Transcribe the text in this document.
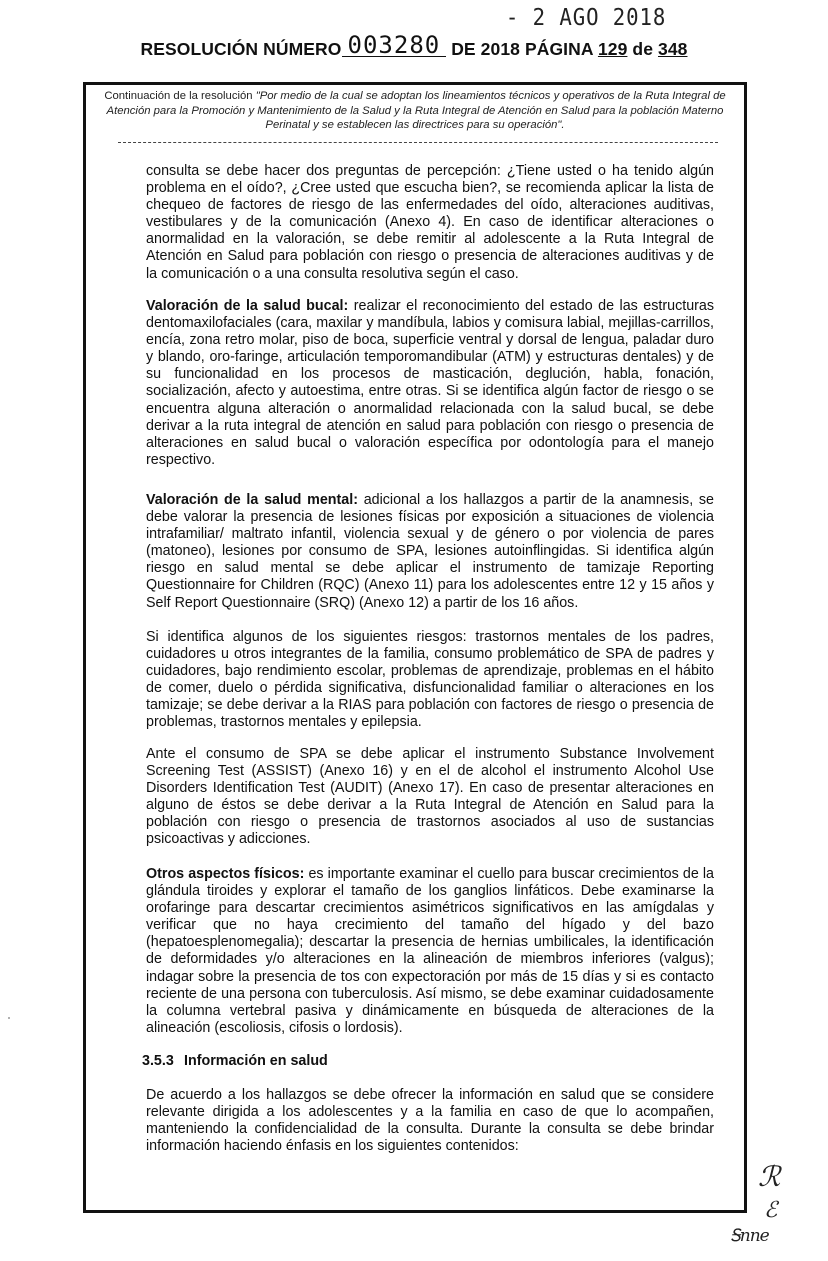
- 2 AGO 2018
RESOLUCIÓN NÚMERO 003280 DE 2018 PÁGINA 129 de 348
Continuación de la resolución "Por medio de la cual se adoptan los lineamientos técnicos y operativos de la Ruta Integral de Atención para la Promoción y Mantenimiento de la Salud y la Ruta Integral de Atención en Salud para la población Materno Perinatal y se establecen las directrices para su operación".
consulta se debe hacer dos preguntas de percepción: ¿Tiene usted o ha tenido algún problema en el oído?, ¿Cree usted que escucha bien?, se recomienda aplicar la lista de chequeo de factores de riesgo de las enfermedades del oído, alteraciones auditivas, vestibulares y de la comunicación (Anexo 4). En caso de identificar alteraciones o anormalidad en la valoración, se debe remitir al adolescente a la Ruta Integral de Atención en Salud para población con riesgo o presencia de alteraciones auditivas y de la comunicación o a una consulta resolutiva según el caso.
Valoración de la salud bucal: realizar el reconocimiento del estado de las estructuras dentomaxilofaciales (cara, maxilar y mandíbula, labios y comisura labial, mejillas-carrillos, encía, zona retro molar, piso de boca, superficie ventral y dorsal de lengua, paladar duro y blando, oro-faringe, articulación temporomandibular (ATM) y estructuras dentales) y de su funcionalidad en los procesos de masticación, deglución, habla, fonación, socialización, afecto y autoestima, entre otras. Si se identifica algún factor de riesgo o se encuentra alguna alteración o anormalidad relacionada con la salud bucal, se debe derivar a la ruta integral de atención en salud para población con riesgo o presencia de alteraciones en salud bucal o valoración específica por odontología para el manejo respectivo.
Valoración de la salud mental: adicional a los hallazgos a partir de la anamnesis, se debe valorar la presencia de lesiones físicas por exposición a situaciones de violencia intrafamiliar/ maltrato infantil, violencia sexual y de género o por violencia de pares (matoneo), lesiones por consumo de SPA, lesiones autoinflingidas. Si identifica algún riesgo en salud mental se debe aplicar el instrumento de tamizaje Reporting Questionnaire for Children (RQC) (Anexo 11) para los adolescentes entre 12 y 15 años y Self Report Questionnaire (SRQ) (Anexo 12) a partir de los 16 años.
Si identifica algunos de los siguientes riesgos: trastornos mentales de los padres, cuidadores u otros integrantes de la familia, consumo problemático de SPA de padres y cuidadores, bajo rendimiento escolar, problemas de aprendizaje, problemas en el hábito de comer, duelo o pérdida significativa, disfuncionalidad familiar o alteraciones en los tamizaje; se debe derivar a la RIAS para población con factores de riesgo o presencia de problemas, trastornos mentales y epilepsia.
Ante el consumo de SPA se debe aplicar el instrumento Substance Involvement Screening Test (ASSIST) (Anexo 16) y en el de alcohol el instrumento Alcohol Use Disorders Identification Test (AUDIT) (Anexo 17). En caso de presentar alteraciones en alguno de éstos se debe derivar a la Ruta Integral de Atención en Salud para la población con riesgo o presencia de trastornos asociados al uso de sustancias psicoactivas y adicciones.
Otros aspectos físicos: es importante examinar el cuello para buscar crecimientos de la glándula tiroides y explorar el tamaño de los ganglios linfáticos. Debe examinarse la orofaringe para descartar crecimientos asimétricos significativos en las amígdalas y verificar que no haya crecimiento del tamaño del hígado y del bazo (hepatoesplenomegalia); descartar la presencia de hernias umbilicales, la identificación de deformidades y/o alteraciones en la alineación de miembros inferiores (valgus); indagar sobre la presencia de tos con expectoración por más de 15 días y si es contacto reciente de una persona con tuberculosis. Así mismo, se debe examinar cuidadosamente la columna vertebral pasiva y dinámicamente en búsqueda de alteraciones de la alineación (escoliosis, cifosis o lordosis).
3.5.3 Información en salud
De acuerdo a los hallazgos se debe ofrecer la información en salud que se considere relevante dirigida a los adolescentes y a la familia en caso de que lo acompañen, manteniendo la confidencialidad de la consulta. Durante la consulta se debe brindar información haciendo énfasis en los siguientes contenidos:
ℛ
ℰ
Ꭶnne
